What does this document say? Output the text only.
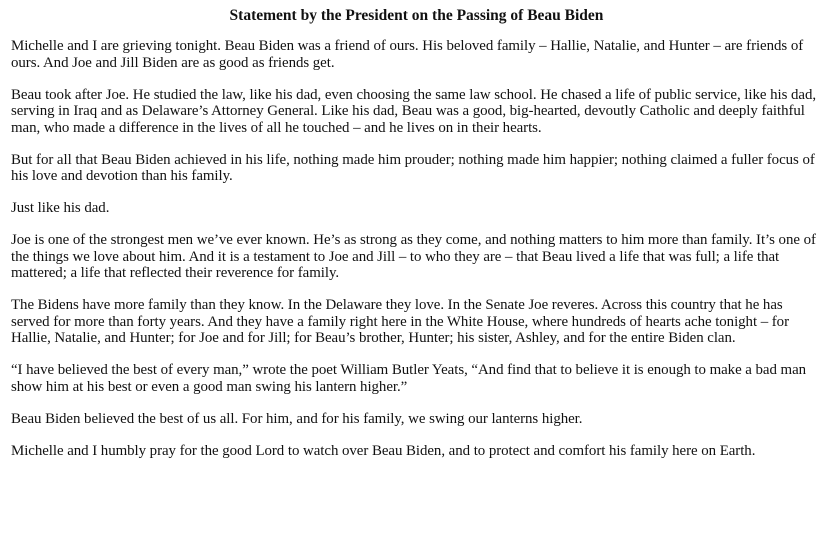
Statement by the President on the Passing of Beau Biden

Michelle and I are grieving tonight. Beau Biden was a friend of ours. His beloved family – Hallie, Natalie, and Hunter – are friends of ours. And Joe and Jill Biden are as good as friends get.

Beau took after Joe. He studied the law, like his dad, even choosing the same law school. He chased a life of public service, like his dad, serving in Iraq and as Delaware’s Attorney General. Like his dad, Beau was a good, big-hearted, devoutly Catholic and deeply faithful man, who made a difference in the lives of all he touched – and he lives on in their hearts.

But for all that Beau Biden achieved in his life, nothing made him prouder; nothing made him happier; nothing claimed a fuller focus of his love and devotion than his family.

Just like his dad.

Joe is one of the strongest men we’ve ever known. He’s as strong as they come, and nothing matters to him more than family. It’s one of the things we love about him. And it is a testament to Joe and Jill – to who they are – that Beau lived a life that was full; a life that mattered; a life that reflected their reverence for family.

The Bidens have more family than they know. In the Delaware they love. In the Senate Joe reveres. Across this country that he has served for more than forty years. And they have a family right here in the White House, where hundreds of hearts ache tonight – for Hallie, Natalie, and Hunter; for Joe and for Jill; for Beau’s brother, Hunter; his sister, Ashley, and for the entire Biden clan.

“I have believed the best of every man,” wrote the poet William Butler Yeats, “And find that to believe it is enough to make a bad man show him at his best or even a good man swing his lantern higher.”

Beau Biden believed the best of us all. For him, and for his family, we swing our lanterns higher.

Michelle and I humbly pray for the good Lord to watch over Beau Biden, and to protect and comfort his family here on Earth.
